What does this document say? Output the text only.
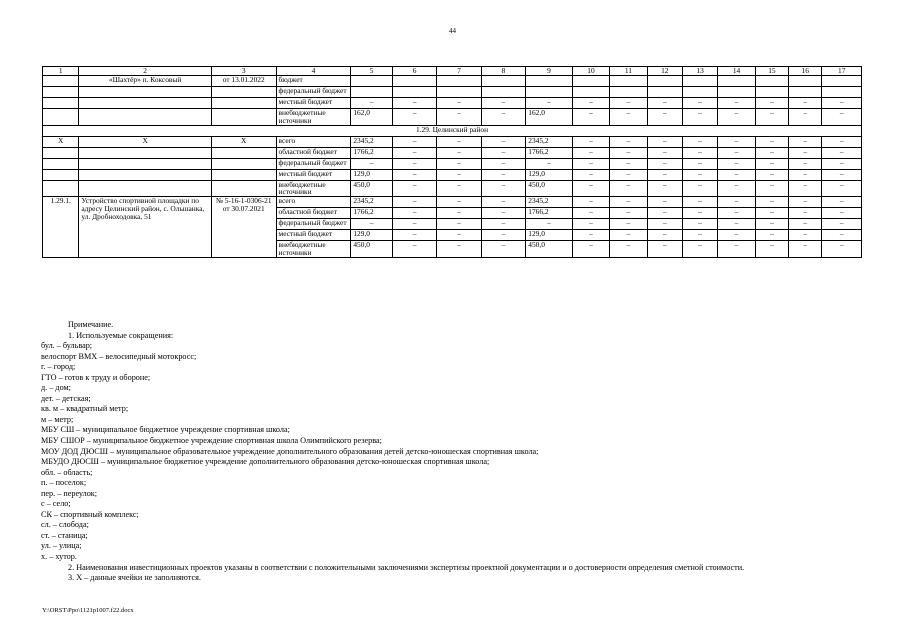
44
1	2	3	4	5	6	7	8	9	10	11	12	13	14	15	16	17
	«Шахтёр» п. Коксовый	от 13.01.2022	бюджет													
			федеральный бюджет													
			местный бюджет	–	–	–	–	–	–	–	–	–	–	–	–	–
			внебюджетные источники	162,0	–	–	–	162,0	–	–	–	–	–	–	–	–
1.29. Целинский район																
Х	Х	Х	всего	2345,2	–	–	–	2345,2	–	–	–	–	–	–	–	–
			областной бюджет	1766,2	–	–	–	1766,2	–	–	–	–	–	–	–	–
			федеральный бюджет	–	–	–	–	–	–	–	–	–	–	–	–	–
			местный бюджет	129,0	–	–	–	129,0	–	–	–	–	–	–	–	–
			внебюджетные источники	450,0	–	–	–	450,0	–	–	–	–	–	–	–	–
1.29.1.	Устройство спортивной площадки по адресу Целинский район, с. Ольшанка, ул. Дробноходовка, 51	№ 5-16-1-0306-21 от 30.07.2021	всего	2345,2	–	–	–	2345,2	–	–	–	–	–	–	–	–
			областной бюджет	1766,2	–	–	–	1766,2	–	–	–	–	–	–	–	–
			федеральный бюджет	–	–	–	–	–	–	–	–	–	–	–	–	–
			местный бюджет	129,0	–	–	–	129,0	–	–	–	–	–	–	–	–
			внебюджетные источники	450,0	–	–	–	450,0	–	–	–	–	–	–	–	–
Примечание.
1. Используемые сокращения:
бул. – бульвар;
велоспорт ВМХ – велосипедный мотокросс;
г. – город;
ГТО – готов к труду и обороне;
д. – дом;
дет. – детская;
кв. м – квадратный метр;
м – метр;
МБУ СШ – муниципальное бюджетное учреждение спортивная школа;
МБУ СШОР – муниципальное бюджетное учреждение спортивная школа Олимпийского резерва;
МОУ ДОД ДЮСШ – муниципальное образовательное учреждение дополнительного образования детей детско-юношеская спортивная школа;
МБУДО ДЮСШ – муниципальное бюджетное учреждение дополнительного образования детско-юношеская спортивная школа;
обл. – область;
п. – поселок;
пер. – переулок;
с – село;
СК – спортивный комплекс;
сл. – слобода;
ст. – станица;
ул. – улица;
х. – хутор.
2. Наименования инвестиционных проектов указаны в соответствии с положительными заключениями экспертизы проектной документации и о достоверности определения сметной стоимости.
3. Х – данные ячейки не заполняются.
Y:\ORST\Ppo\1121p1007.f22.docx
